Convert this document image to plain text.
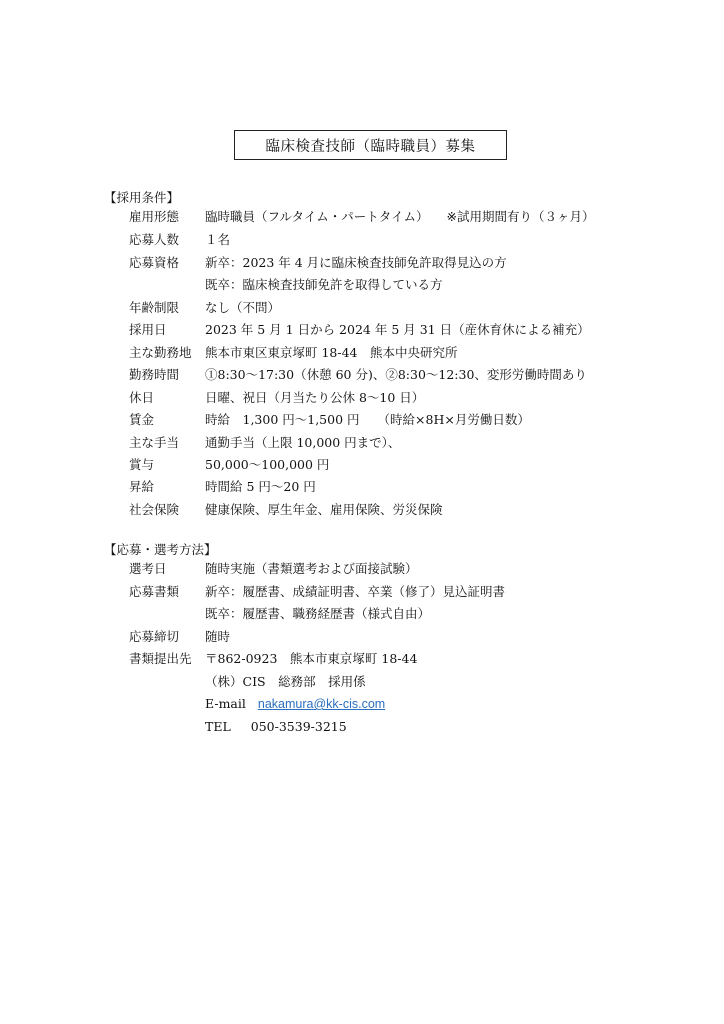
臨床検査技師（臨時職員）募集
【採用条件】
雇用形態	臨時職員（フルタイム・パートタイム） ※試用期間有り（３ヶ月）
応募人数	１名
応募資格	新卒：2023 年 4 月に臨床検査技師免許取得見込の方
既卒：臨床検査技師免許を取得している方
年齢制限	なし（不問）
採用日	2023 年 5 月 1 日から 2024 年 5 月 31 日（産休育休による補充）
主な勤務地	熊本市東区東京塚町 18-44　熊本中央研究所
勤務時間	①8:30～17:30（休憩 60 分)、②8:30～12:30、変形労働時間あり
休日	日曜、祝日（月当たり公休 8～10 日）
賃金	時給　1,300 円～1,500 円 （時給×8H×月労働日数）
主な手当	通勤手当（上限 10,000 円まで）、
賞与	50,000～100,000 円
昇給	時間給 5 円～20 円
社会保険	健康保険、厚生年金、雇用保険、労災保険
【応募・選考方法】
選考日	随時実施（書類選考および面接試験）
応募書類	新卒：履歴書、成績証明書、卒業（修了）見込証明書
既卒：履歴書、職務経歴書（様式自由）
応募締切	随時
書類提出先	〒862-0923　熊本市東京塚町 18-44
（株）CIS　総務部　採用係
E-mail nakamura@kk-cis.com
TEL 050-3539-3215
